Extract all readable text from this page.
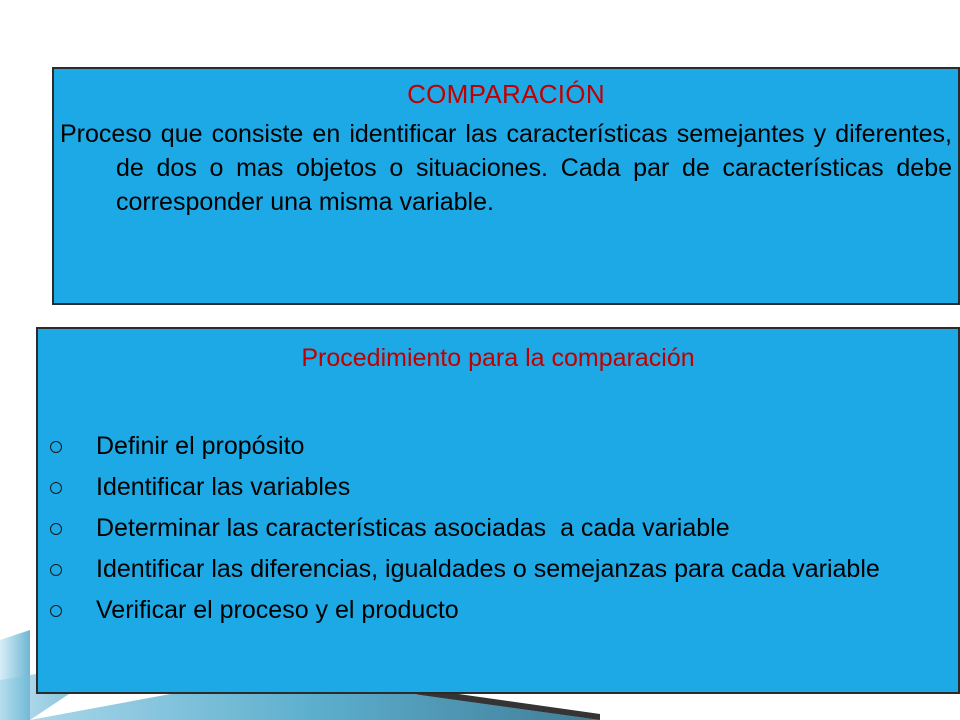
COMPARACIÓN
Proceso que consiste en identificar las características semejantes y diferentes, de dos o mas objetos o situaciones. Cada par de características debe corresponder una misma variable.
Procedimiento para la comparación
Definir el propósito
Identificar las variables
Determinar las características asociadas  a cada variable
Identificar las diferencias, igualdades o semejanzas para cada variable
Verificar el proceso y el producto
